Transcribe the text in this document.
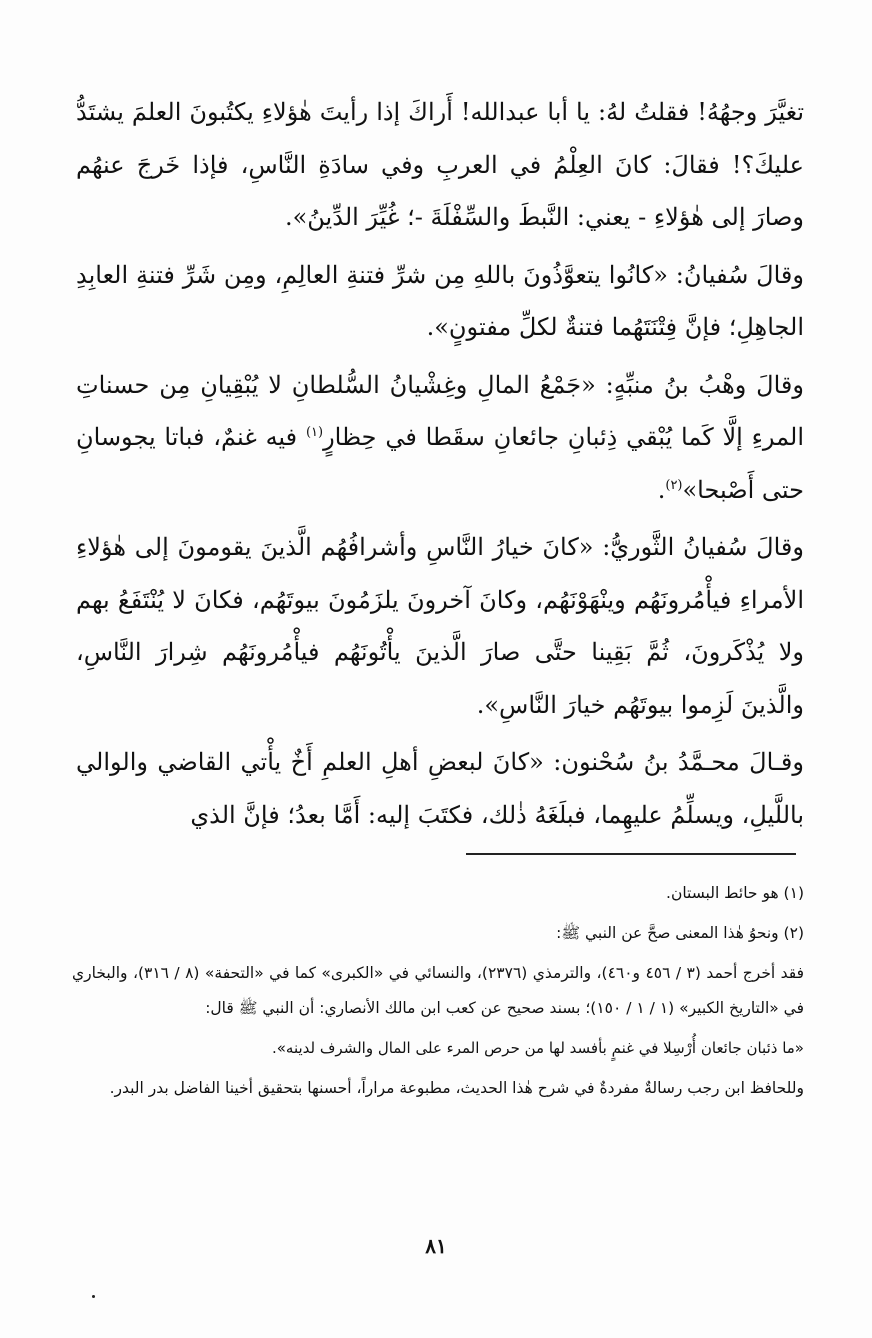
تغيَّرَ وجهُهُ! فقلتُ لهُ: يا أبا عبدالله! أَراكَ إذا رأيتَ هٰؤلاءِ يكتُبونَ العلمَ يشتَدُّ عليكَ؟! فقالَ: كانَ العِلْمُ في العربِ وفي سادَةِ النَّاسِ، فإذا خَرجَ عنهُم وصارَ إلى هٰؤلاءِ - يعني: النَّبطَ والسِّفْلَةَ -؛ غُيِّرَ الدِّينُ».

وقالَ سُفيانُ: «كانُوا يتعوَّذُونَ باللهِ مِن شرِّ فتنةِ العالِمِ، ومِن شَرِّ فتنةِ العابِدِ الجاهِلِ؛ فإنَّ فِتْنَتَهُما فتنةٌ لكلِّ مفتونٍ».

وقالَ وهْبُ بنُ منبِّهٍ: «جَمْعُ المالِ وغِشْيانُ السُّلطانِ لا يُبْقِيانِ مِن حسناتِ المرءِ إلَّا كَما يُبْقي ذِئبانِ جائعانِ سقَطا في حِظارٍ$^{(١)}$ فيه غنمٌ، فباتا يجوسانِ حتى أَصْبحا»$^{(٢)}$.

وقالَ سُفيانُ الثَّوريُّ: «كانَ خيارُ النَّاسِ وأشرافُهُم الَّذينَ يقومونَ إلى هٰؤلاءِ الأمراءِ فيأْمُرونَهُم وينْهَوْنَهُم، وكانَ آخرونَ يلزَمُونَ بيوتَهُم، فكانَ لا يُنْتَفَعُ بهم ولا يُذْكَرونَ، ثُمَّ بَقِينا حتَّى صارَ الَّذينَ يأْتُونَهُم فيأْمُرونَهُم شِرارَ النَّاسِ، والَّذينَ لَزِموا بيوتَهُم خيارَ النَّاسِ».

وقـالَ محـمَّدُ بنُ سُحْنون: «كانَ لبعضِ أهلِ العلمِ أَخٌ يأْتي القاضي والوالي باللَّيلِ، ويسلِّمُ عليهِما، فبلَغَهُ ذٰلك، فكتَبَ إليه: أَمَّا بعدُ؛ فإنَّ الذي

(١) هو حائط البستان.

(٢) ونحوُ هٰذا المعنى صحَّ عن النبي ﷺ:

فقد أخرج أحمد (٣ / ٤٥٦ و٤٦٠)، والترمذي (٢٣٧٦)، والنسائي في «الكبرى» كما في «التحفة» (٨ / ٣١٦)، والبخاري في «التاريخ الكبير» (١ / ١ / ١٥٠)؛ بسند صحيح عن كعب ابن مالك الأنصاري: أن النبي ﷺ قال:

«ما ذئبان جائعان أُرْسِلا في غنمٍ بأفسد لها من حرص المرء على المال والشرف لدينه».

وللحافظ ابن رجب رسالةٌ مفردةٌ في شرح هٰذا الحديث، مطبوعة مراراً، أحسنها بتحقيق أخينا الفاضل بدر البدر.

٨١
